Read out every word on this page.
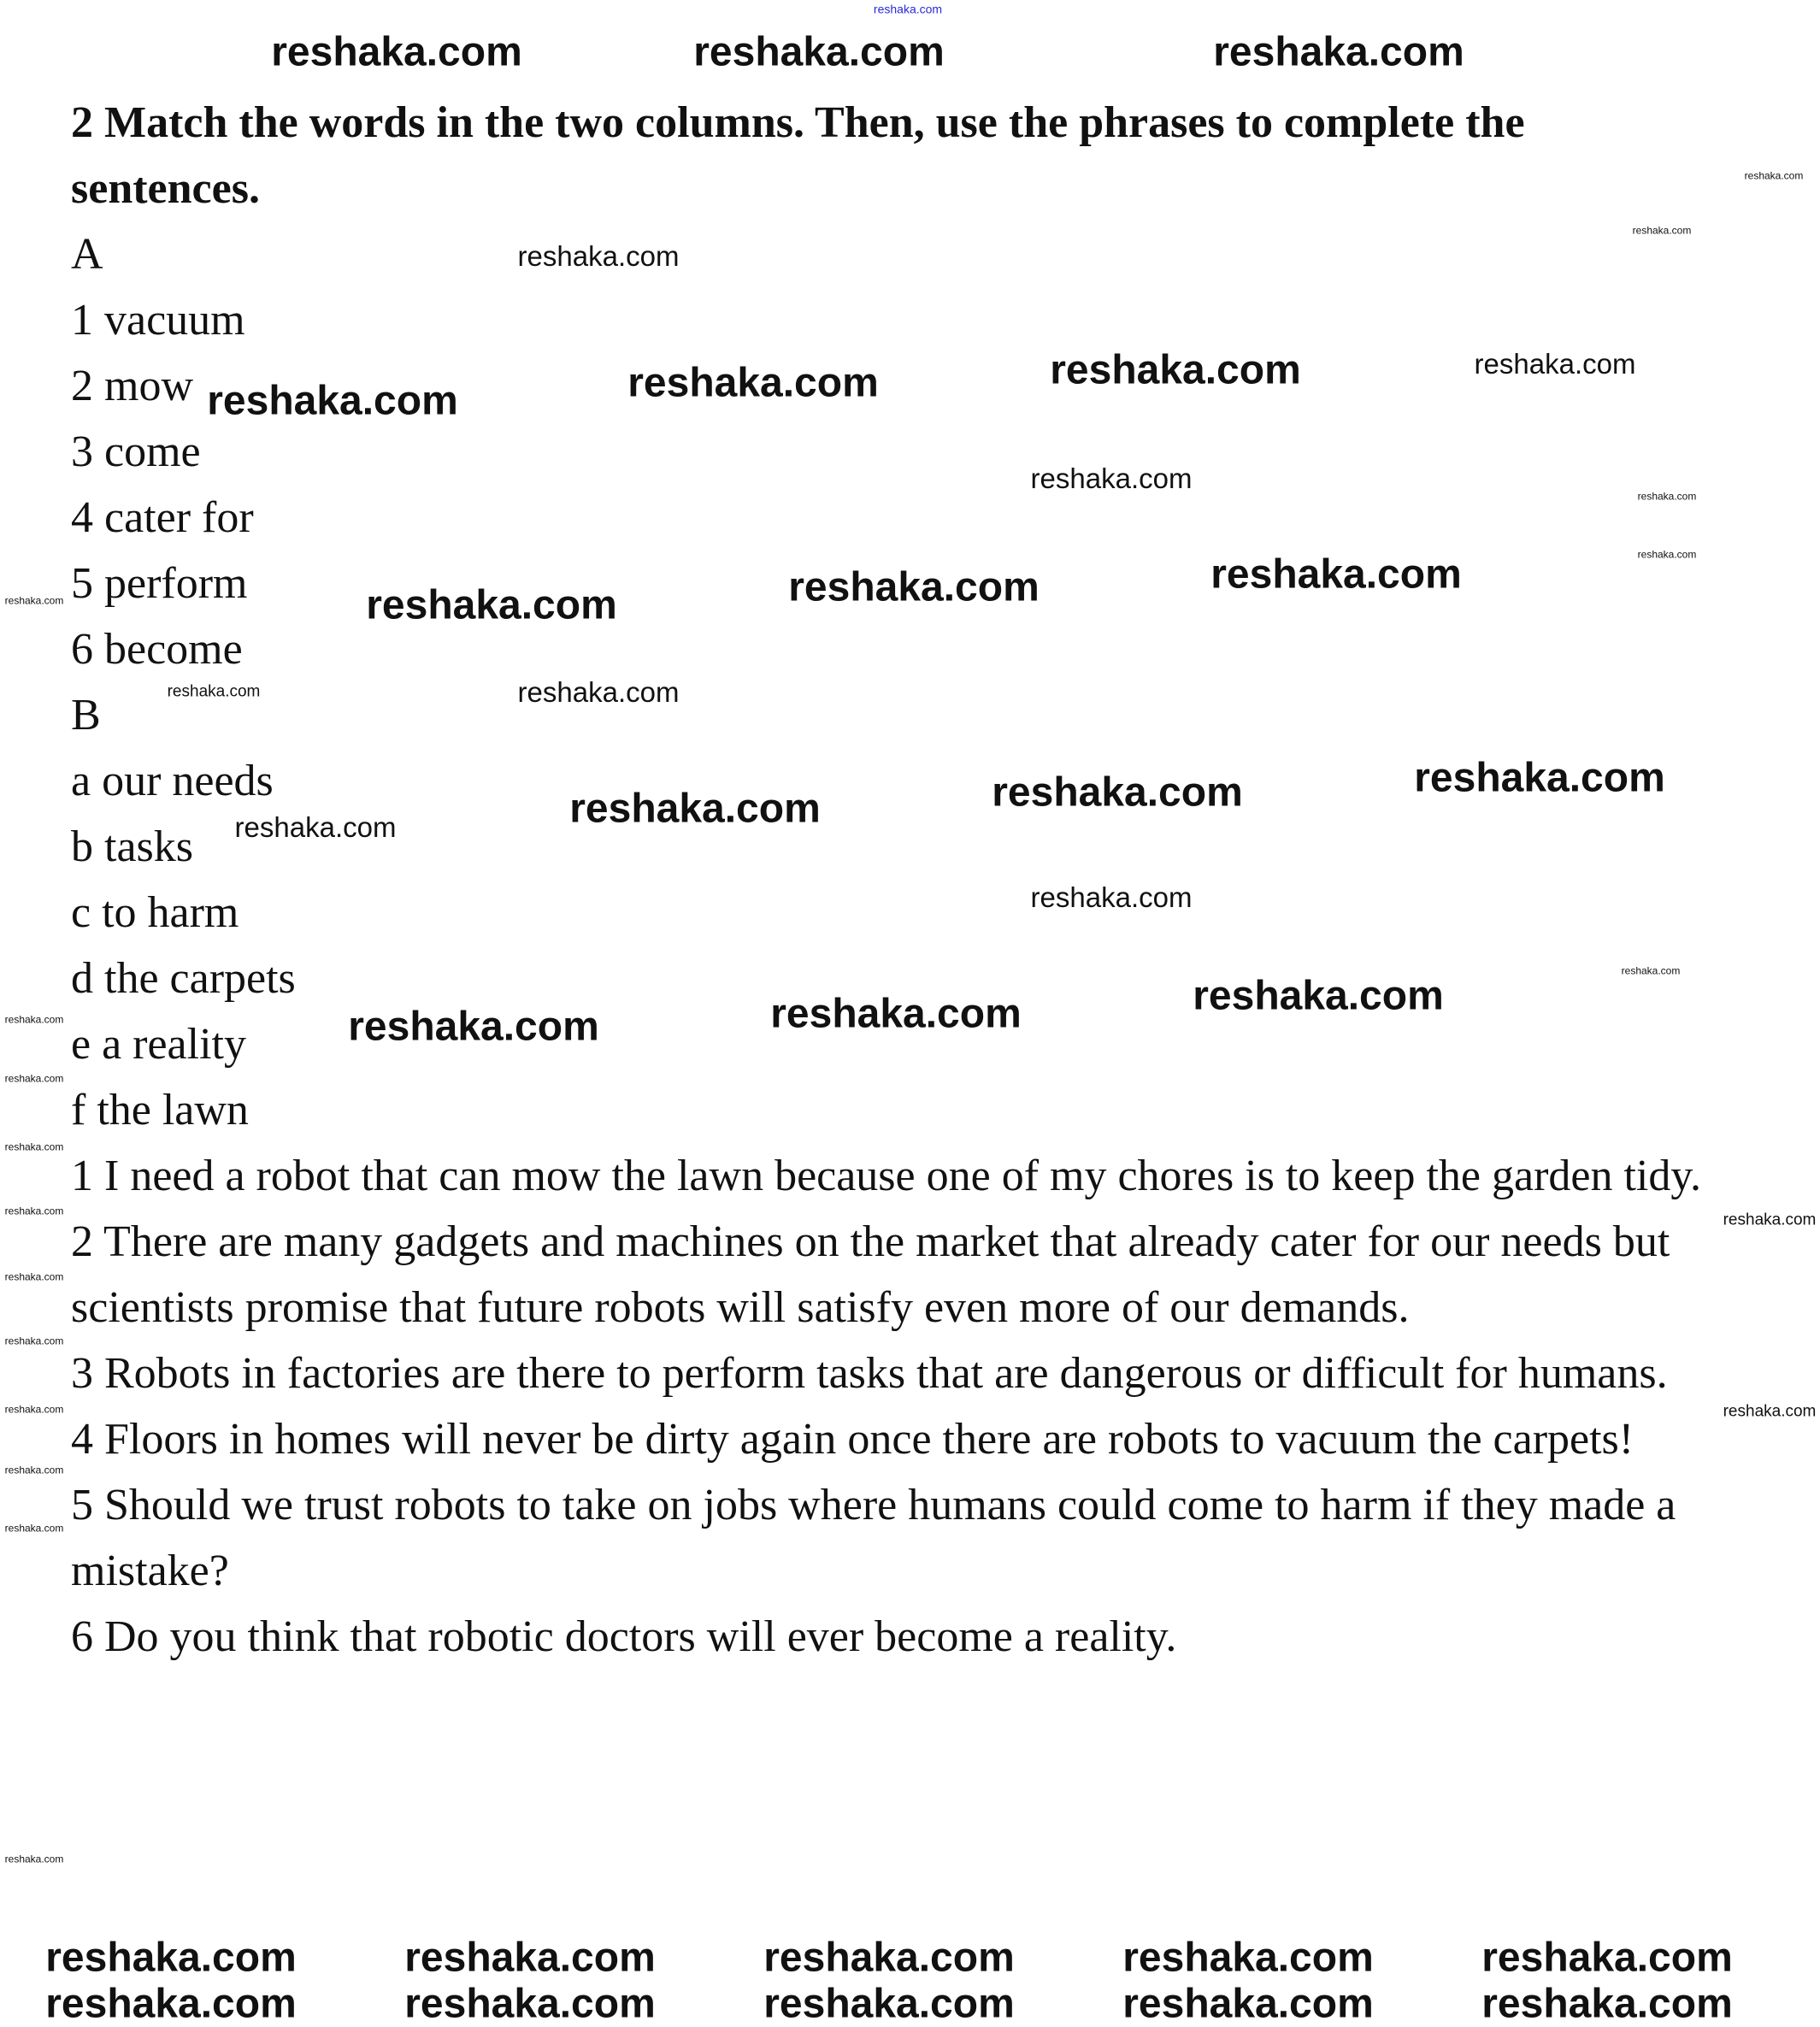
2 Match the words in the two columns. Then, use the phrases to complete the sentences.

A

1 vacuum

2 mow

3 come

4 cater for

5 perform

6 become

B

a our needs

b tasks

c to harm

d the carpets

e a reality

f the lawn

1 I need a robot that can mow the lawn because one of my chores is to keep the garden tidy.

2 There are many gadgets and machines on the market that already cater for our needs but scientists promise that future robots will satisfy even more of our demands.

3 Robots in factories are there to perform tasks that are dangerous or difficult for humans.

4 Floors in homes will never be dirty again once there are robots to vacuum the carpets!

5 Should we trust robots to take on jobs where humans could come to harm if they made a mistake?

6 Do you think that robotic doctors will ever become a reality.

reshaka.com
reshaka.com	reshaka.com	reshaka.com
reshaka.com	reshaka.com	reshaka.com
reshaka.com	reshaka.com	reshaka.com
reshaka.com	reshaka.com	reshaka.com
reshaka.com	reshaka.com	reshaka.com
reshaka.com	reshaka.com	reshaka.com	reshaka.com	reshaka.com
reshaka.com	reshaka.com	reshaka.com	reshaka.com	reshaka.com
reshaka.com
reshaka.com
reshaka.com
reshaka.com
reshaka.com
reshaka.com
reshaka.com
reshaka.com
reshaka.com
reshaka.com
reshaka.com
reshaka.com
reshaka.com
reshaka.com
reshaka.com
reshaka.com
reshaka.com
reshaka.com
reshaka.com
reshaka.com
reshaka.com	reshaka.com
reshaka.com
reshaka.com
reshaka.com
